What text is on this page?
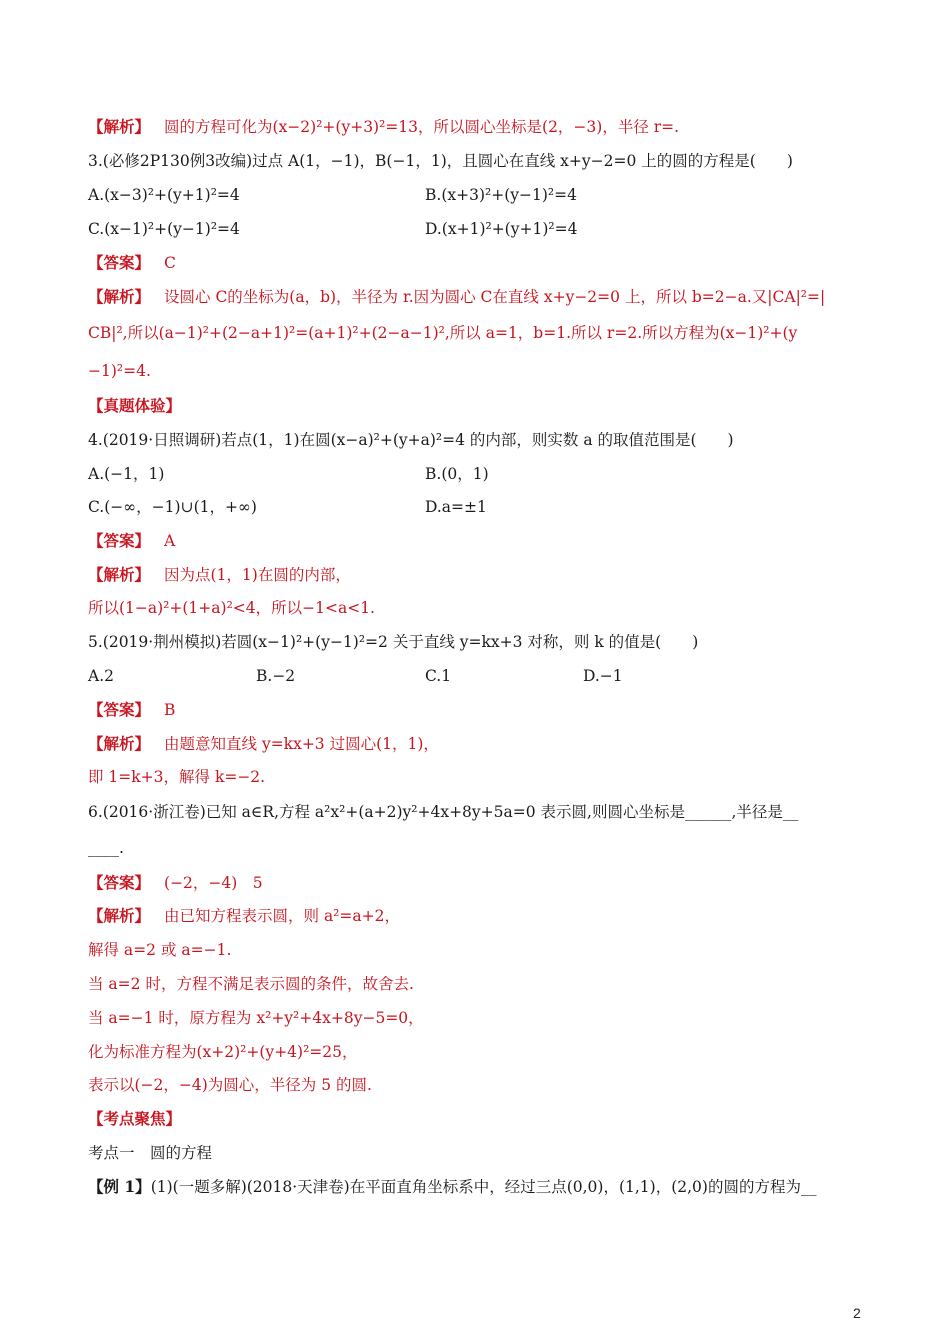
【解析】 圆的方程可化为(x−2)²+(y+3)²=13，所以圆心坐标是(2，−3)，半径 r=.
3.(必修2P130例3改编)过点 A(1，−1)，B(−1，1)，且圆心在直线 x+y−2=0 上的圆的方程是(　　)
A.(x−3)²+(y+1)²=4	B.(x+3)²+(y−1)²=4
C.(x−1)²+(y−1)²=4	D.(x+1)²+(y+1)²=4
【答案】 C
【解析】 设圆心 C的坐标为(a，b)，半径为 r.因为圆心 C在直线 x+y−2=0 上，所以 b=2−a.又|CA|²=|
CB|²,所以(a−1)²+(2−a+1)²=(a+1)²+(2−a−1)²,所以 a=1，b=1.所以 r=2.所以方程为(x−1)²+(y
−1)²=4.
【真题体验】
4.(2019·日照调研)若点(1，1)在圆(x−a)²+(y+a)²=4 的内部，则实数 a 的取值范围是(　　)
A.(−1，1)	B.(0，1)
C.(−∞，−1)∪(1，+∞)	D.a=±1
【答案】 A
【解析】 因为点(1，1)在圆的内部，
所以(1−a)²+(1+a)²<4，所以−1<a<1.
5.(2019·荆州模拟)若圆(x−1)²+(y−1)²=2 关于直线 y=kx+3 对称，则 k 的值是(　　)
A.2	B.−2	C.1	D.−1
【答案】 B
【解析】 由题意知直线 y=kx+3 过圆心(1，1)，
即 1=k+3，解得 k=−2.
6.(2016·浙江卷)已知 a∈R,方程 a²x²+(a+2)y²+4x+8y+5a=0 表示圆,则圆心坐标是______,半径是__
____.
【答案】 (−2，−4)　5
【解析】 由已知方程表示圆，则 a²=a+2，
解得 a=2 或 a=−1.
当 a=2 时，方程不满足表示圆的条件，故舍去.
当 a=−1 时，原方程为 x²+y²+4x+8y−5=0，
化为标准方程为(x+2)²+(y+4)²=25，
表示以(−2，−4)为圆心，半径为 5 的圆.
【考点聚焦】
考点一　圆的方程
【例 1】(1)(一题多解)(2018·天津卷)在平面直角坐标系中，经过三点(0,0)，(1,1)，(2,0)的圆的方程为__
2
